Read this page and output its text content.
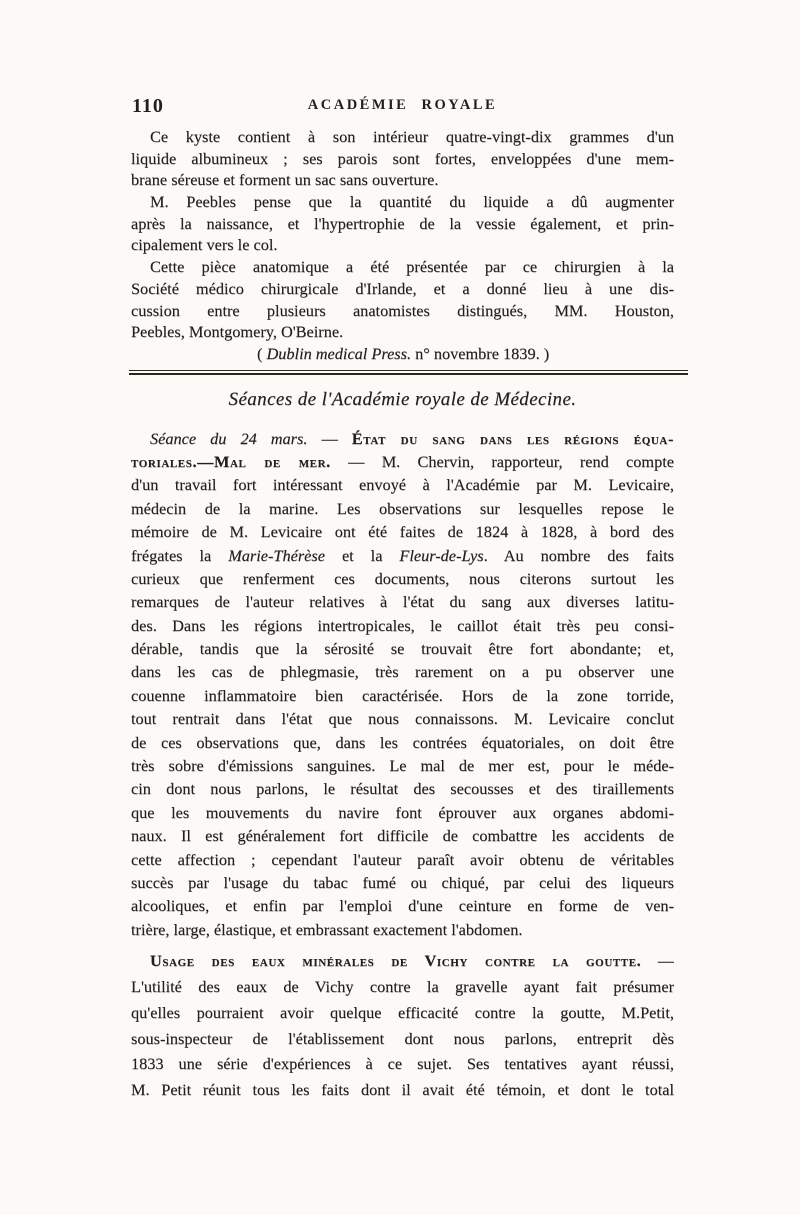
110	ACADÉMIE ROYALE
Ce kyste contient à son intérieur quatre-vingt-dix grammes d'un
liquide albumineux ; ses parois sont fortes, enveloppées d'une mem-
brane séreuse et forment un sac sans ouverture.
M. Peebles pense que la quantité du liquide a dû augmenter
après la naissance, et l'hypertrophie de la vessie également, et prin-
cipalement vers le col.
Cette pièce anatomique a été présentée par ce chirurgien à la
Société médico chirurgicale d'Irlande, et a donné lieu à une dis-
cussion entre plusieurs anatomistes distingués, MM. Houston,
Peebles, Montgomery, O'Beirne.
( Dublin medical Press. n° novembre 1839. )
Séances de l'Académie royale de Médecine.
Séance du 24 mars. — État du sang dans les régions équa-
toriales.—Mal de mer. — M. Chervin, rapporteur, rend compte
d'un travail fort intéressant envoyé à l'Académie par M. Levicaire,
médecin de la marine. Les observations sur lesquelles repose le
mémoire de M. Levicaire ont été faites de 1824 à 1828, à bord des
frégates la Marie-Thérèse et la Fleur-de-Lys. Au nombre des faits
curieux que renferment ces documents, nous citerons surtout les
remarques de l'auteur relatives à l'état du sang aux diverses latitu-
des. Dans les régions intertropicales, le caillot était très peu consi-
dérable, tandis que la sérosité se trouvait être fort abondante; et,
dans les cas de phlegmasie, très rarement on a pu observer une
couenne inflammatoire bien caractérisée. Hors de la zone torride,
tout rentrait dans l'état que nous connaissons. M. Levicaire conclut
de ces observations que, dans les contrées équatoriales, on doit être
très sobre d'émissions sanguines. Le mal de mer est, pour le méde-
cin dont nous parlons, le résultat des secousses et des tiraillements
que les mouvements du navire font éprouver aux organes abdomi-
naux. Il est généralement fort difficile de combattre les accidents de
cette affection ; cependant l'auteur paraît avoir obtenu de véritables
succès par l'usage du tabac fumé ou chiqué, par celui des liqueurs
alcooliques, et enfin par l'emploi d'une ceinture en forme de ven-
trière, large, élastique, et embrassant exactement l'abdomen.
Usage des eaux minérales de Vichy contre la goutte. —
L'utilité des eaux de Vichy contre la gravelle ayant fait présumer
qu'elles pourraient avoir quelque efficacité contre la goutte, M.Petit,
sous-inspecteur de l'établissement dont nous parlons, entreprit dès
1833 une série d'expériences à ce sujet. Ses tentatives ayant réussi,
M. Petit réunit tous les faits dont il avait été témoin, et dont le total
